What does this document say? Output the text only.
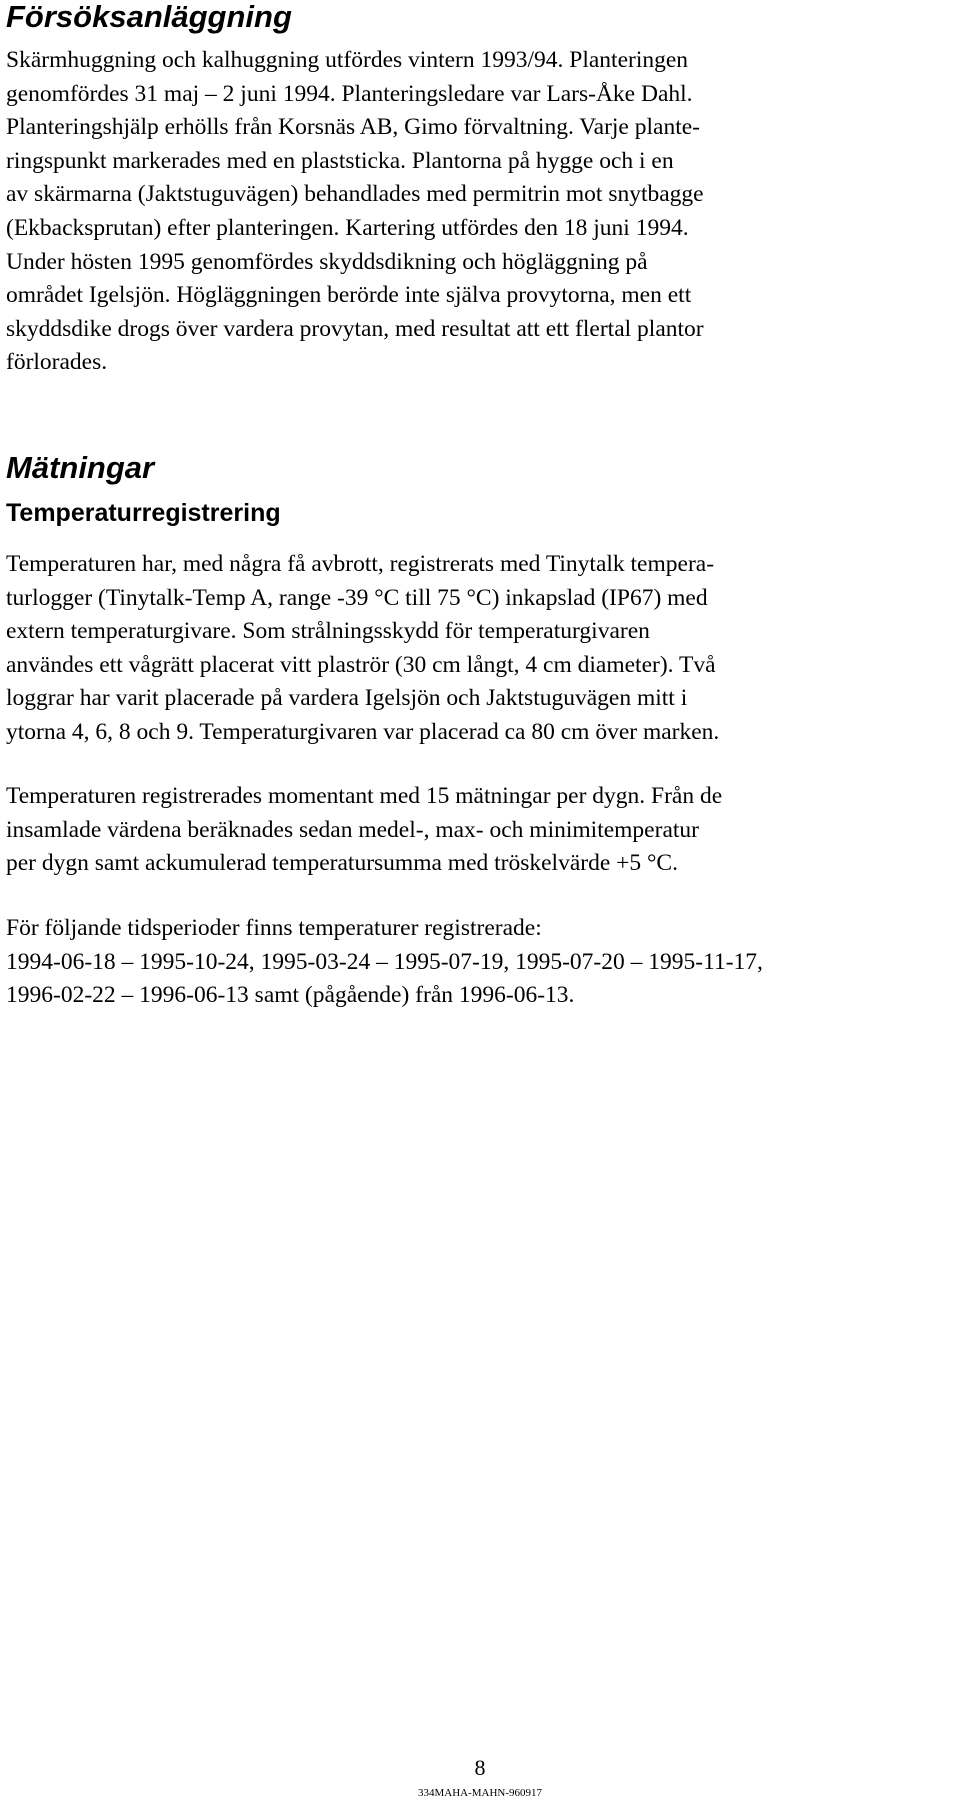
Försöksanläggning

Skärmhuggning och kalhuggning utfördes vintern 1993/94. Planteringen
genomfördes 31 maj – 2 juni 1994. Planteringsledare var Lars-Åke Dahl.
Planteringshjälp erhölls från Korsnäs AB, Gimo förvaltning. Varje plante-
ringspunkt markerades med en plaststicka. Plantorna på hygge och i en
av skärmarna (Jaktstuguvägen) behandlades med permitrin mot snytbagge
(Ekbacksprutan) efter planteringen. Kartering utfördes den 18 juni 1994.
Under hösten 1995 genomfördes skyddsdikning och högläggning på
området Igelsjön. Högläggningen berörde inte själva provytorna, men ett
skyddsdike drogs över vardera provytan, med resultat att ett flertal plantor
förlorades.

Mätningar
Temperaturregistrering

Temperaturen har, med några få avbrott, registrerats med Tinytalk tempera-
turlogger (Tinytalk-Temp A, range -39 °C till 75 °C) inkapslad (IP67) med
extern temperaturgivare. Som strålningsskydd för temperaturgivaren
användes ett vågrätt placerat vitt plaströr (30 cm långt, 4 cm diameter). Två
loggrar har varit placerade på vardera Igelsjön och Jaktstuguvägen mitt i
ytorna 4, 6, 8 och 9. Temperaturgivaren var placerad ca 80 cm över marken.

Temperaturen registrerades momentant med 15 mätningar per dygn. Från de
insamlade värdena beräknades sedan medel-, max- och minimitemperatur
per dygn samt ackumulerad temperatursumma med tröskelvärde +5 °C.

För följande tidsperioder finns temperaturer registrerade:
1994-06-18 – 1995-10-24, 1995-03-24 – 1995-07-19, 1995-07-20 – 1995-11-17,
1996-02-22 – 1996-06-13 samt (pågående) från 1996-06-13.

8
334MAHA-MAHN-960917
